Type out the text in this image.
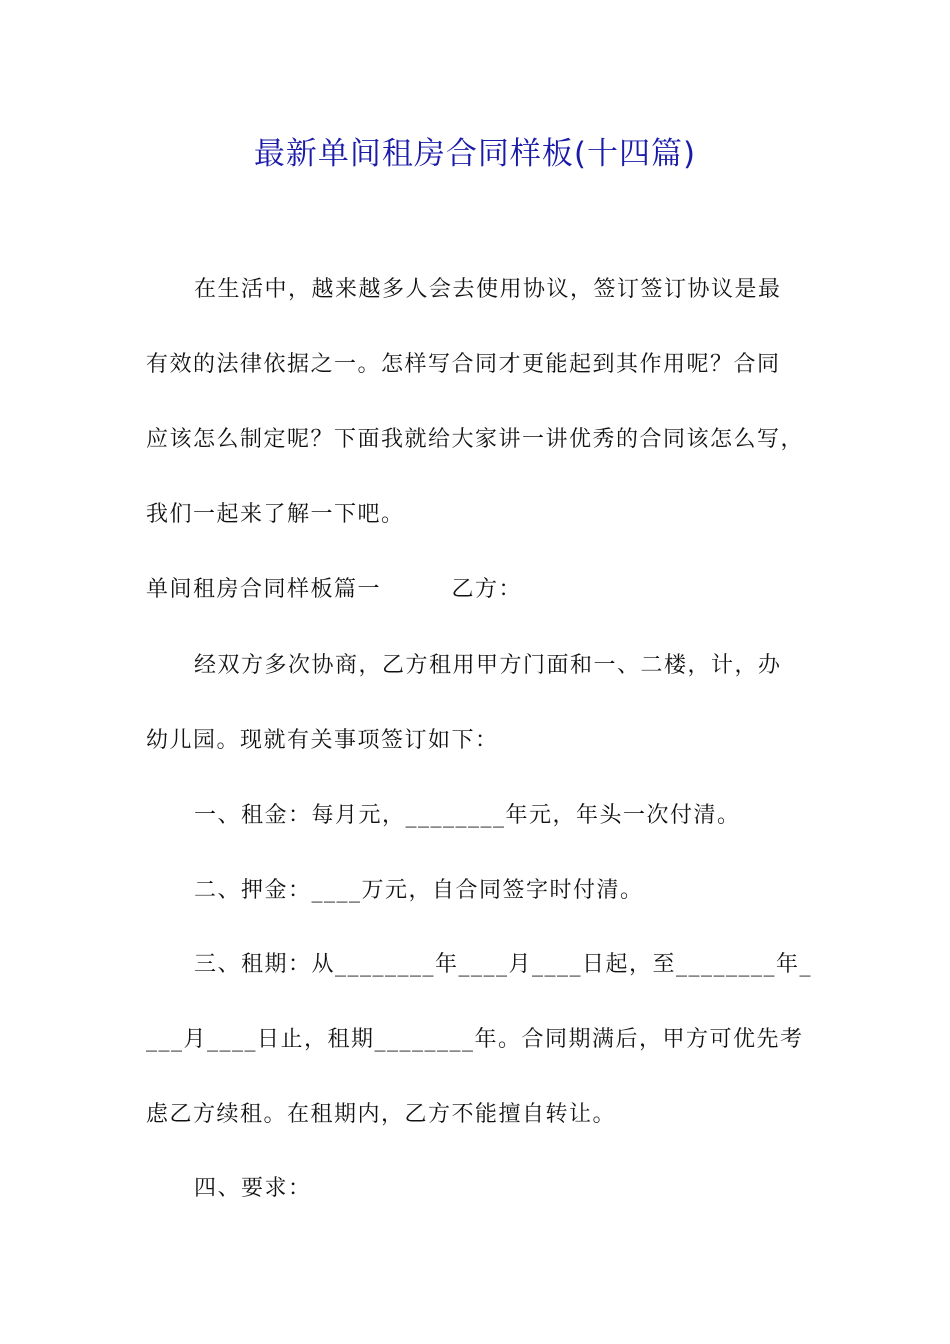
最新单间租房合同样板(十四篇)
在生活中，越来越多人会去使用协议，签订签订协议是最
有效的法律依据之一。怎样写合同才更能起到其作用呢？合同
应该怎么制定呢？下面我就给大家讲一讲优秀的合同该怎么写，
我们一起来了解一下吧。
单间租房合同样板篇一　　　乙方：
经双方多次协商，乙方租用甲方门面和一、二楼，计，办
幼儿园。现就有关事项签订如下：
一、租金：每月元，________年元，年头一次付清。
二、押金：____万元，自合同签字时付清。
三、租期：从________年____月____日起，至________年_
___月____日止，租期________年。合同期满后，甲方可优先考
虑乙方续租。在租期内，乙方不能擅自转让。
四、要求：
